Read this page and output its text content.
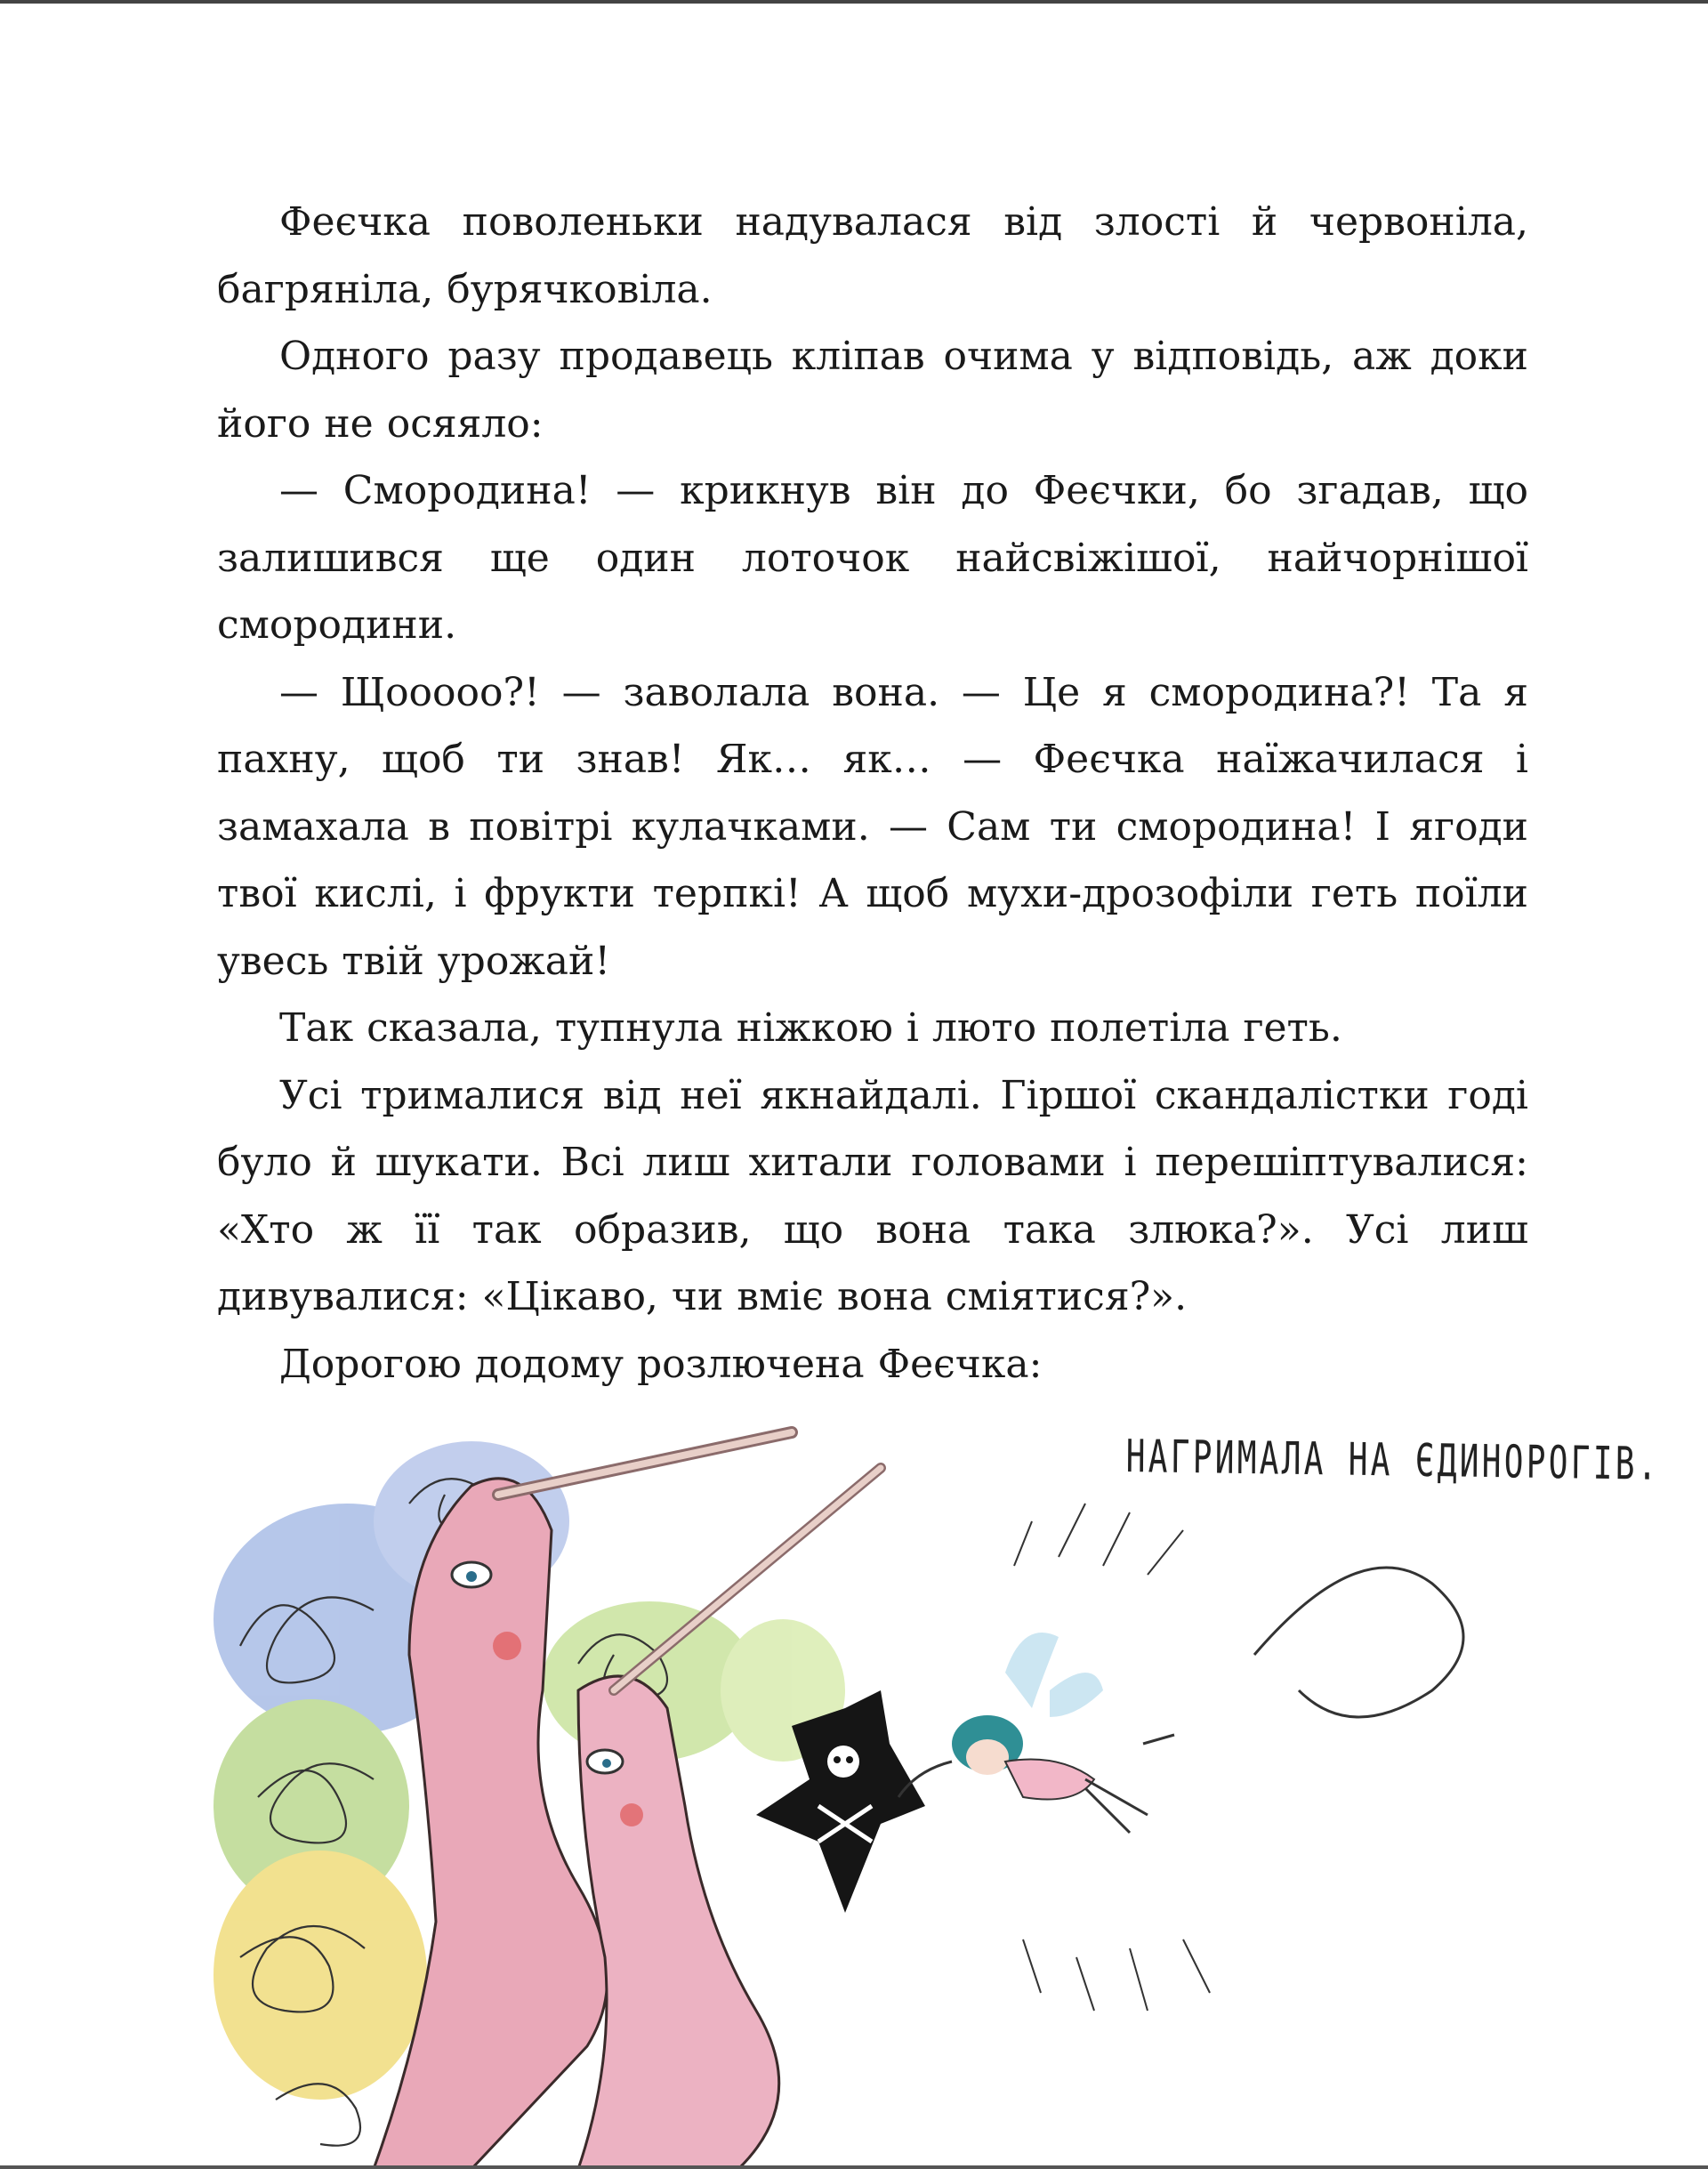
Феєчка поволеньки надувалася від злості й червоніла, багряніла, бурячковіла.

Одного разу продавець кліпав очима у відповідь, аж доки його не осяяло:

— Смородина! — крикнув він до Феєчки, бо згадав, що залишився ще один лоточок найсвіжішої, найчорнішої смородини.

— Щооооо?! — заволала вона. — Це я смородина?! Та я пахну, щоб ти знав! Як… як… — Феєчка наїжачилася і замахала в повітрі кулачками. — Сам ти смородина! І ягоди твої кислі, і фрукти терпкі! А щоб мухи-дрозофіли геть поїли увесь твій урожай!

Так сказала, тупнула ніжкою і люто полетіла геть.

Усі трималися від неї якнайдалі. Гіршої скандалістки годі було й шукати. Всі лиш хитали головами і перешіптувалися: «Хто ж її так образив, що вона така злюка?». Усі лиш дивувалися: «Цікаво, чи вміє вона сміятися?».

Дорогою додому розлючена Феєчка:

НАГРИМАЛА НА ЄДИНОРОГІВ.
